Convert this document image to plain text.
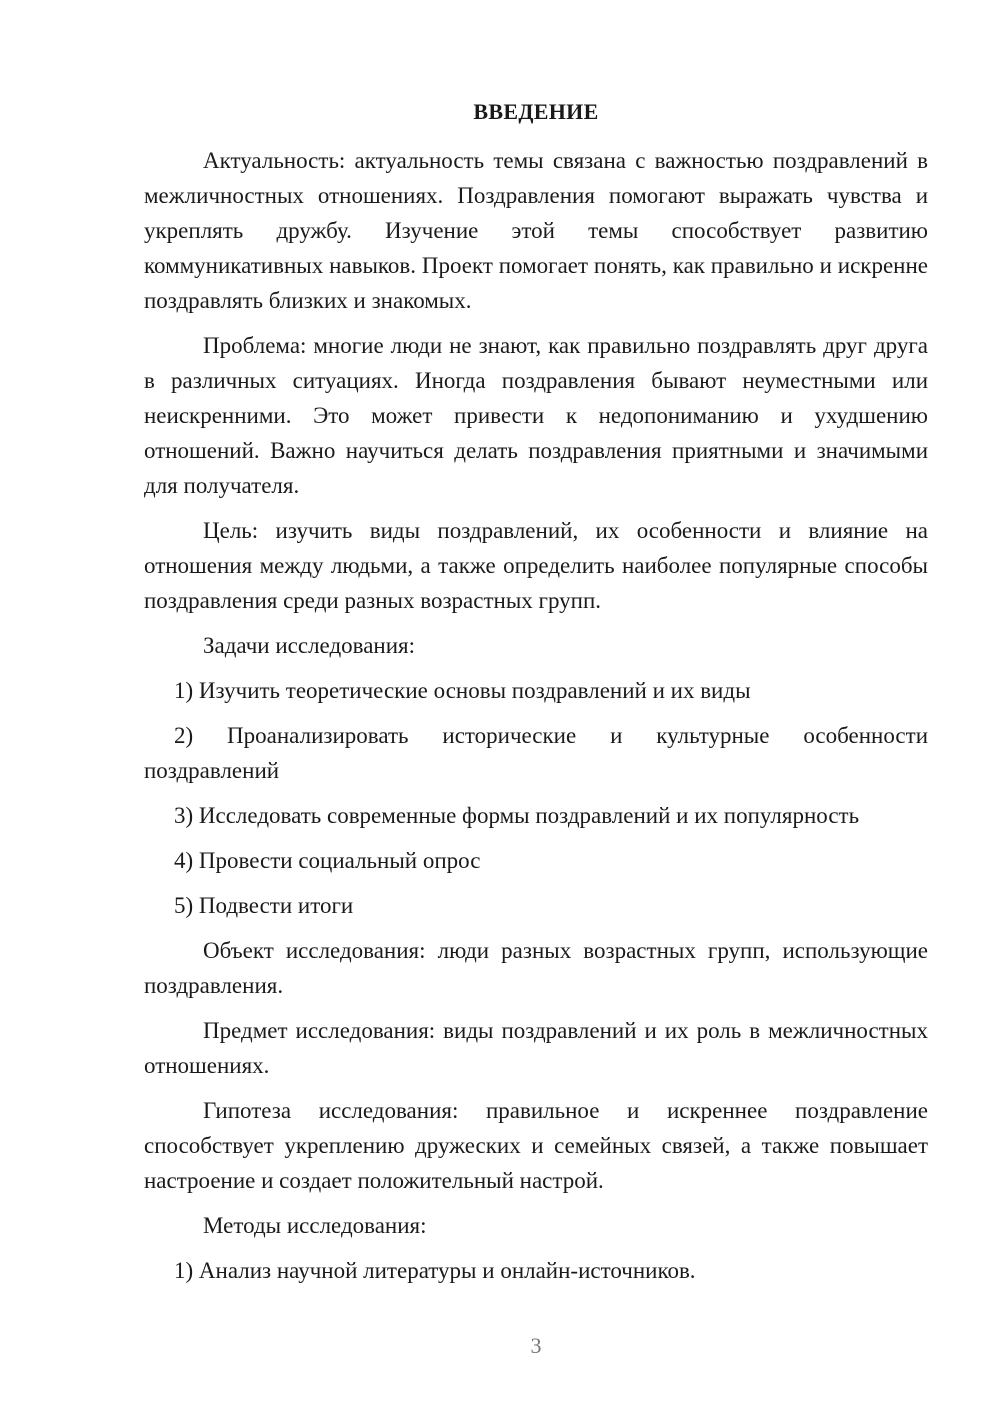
ВВЕДЕНИЕ

Актуальность: актуальность темы связана с важностью поздравлений в межличностных отношениях. Поздравления помогают выражать чувства и укреплять дружбу. Изучение этой темы способствует развитию коммуникативных навыков. Проект помогает понять, как правильно и искренне поздравлять близких и знакомых.

Проблема: многие люди не знают, как правильно поздравлять друг друга в различных ситуациях. Иногда поздравления бывают неуместными или неискренними. Это может привести к недопониманию и ухудшению отношений. Важно научиться делать поздравления приятными и значимыми для получателя.

Цель: изучить виды поздравлений, их особенности и влияние на отношения между людьми, а также определить наиболее популярные способы поздравления среди разных возрастных групп.

Задачи исследования:

1) Изучить теоретические основы поздравлений и их виды

2) Проанализировать исторические и культурные особенности поздравлений

3) Исследовать современные формы поздравлений и их популярность

4) Провести социальный опрос

5) Подвести итоги

Объект исследования: люди разных возрастных групп, использующие поздравления.

Предмет исследования: виды поздравлений и их роль в межличностных отношениях.

Гипотеза исследования: правильное и искреннее поздравление способствует укреплению дружеских и семейных связей, а также повышает настроение и создает положительный настрой.

Методы исследования:

1) Анализ научной литературы и онлайн-источников.

3
